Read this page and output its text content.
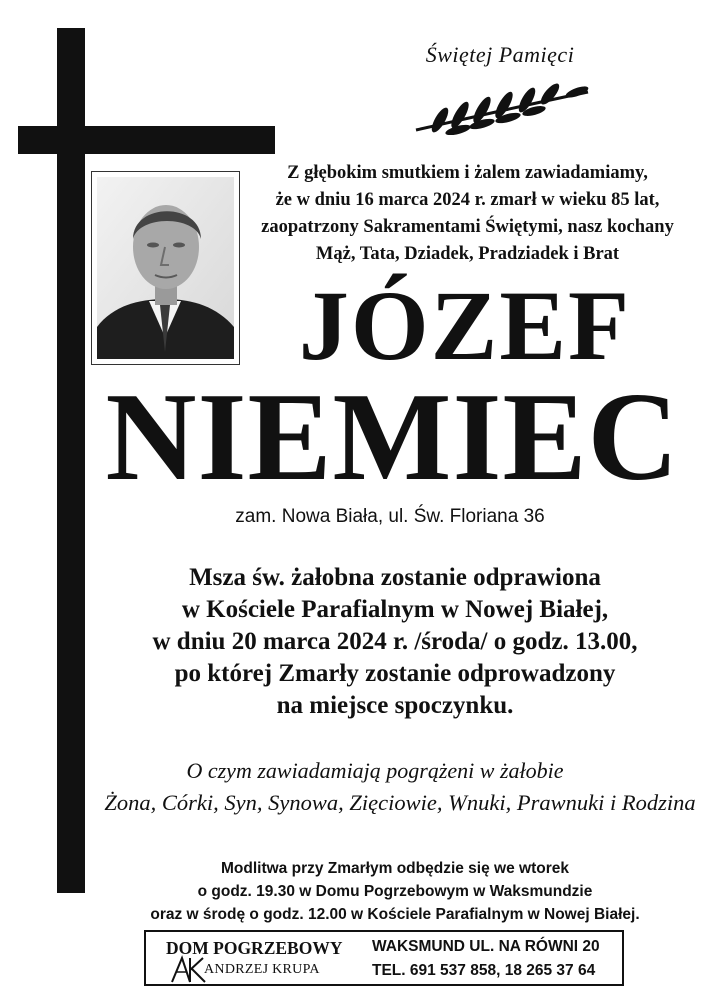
Świętej Pamięci
Z głębokim smutkiem i żalem zawiadamiamy,
że w dniu 16 marca 2024 r. zmarł w wieku 85 lat,
zaopatrzony Sakramentami Świętymi, nasz kochany
Mąż, Tata, Dziadek, Pradziadek i Brat
JÓZEF
NIEMIEC
zam. Nowa Biała, ul. Św. Floriana 36
Msza św. żałobna zostanie odprawiona
w Kościele Parafialnym w Nowej Białej,
w dniu 20 marca 2024 r. /środa/ o godz. 13.00,
po której Zmarły zostanie odprowadzony
na miejsce spoczynku.
O czym zawiadamiają pogrążeni w żałobie
Żona, Córki, Syn, Synowa, Zięciowie, Wnuki, Prawnuki i Rodzina
Modlitwa przy Zmarłym odbędzie się we wtorek
o godz. 19.30 w Domu Pogrzebowym w Waksmundzie
oraz w środę o godz. 12.00 w Kościele Parafialnym w Nowej Białej.
DOM POGRZEBOWY
ANDRZEJ KRUPA
WAKSMUND UL. NA RÓWNI 20
TEL. 691 537 858, 18 265 37 64
